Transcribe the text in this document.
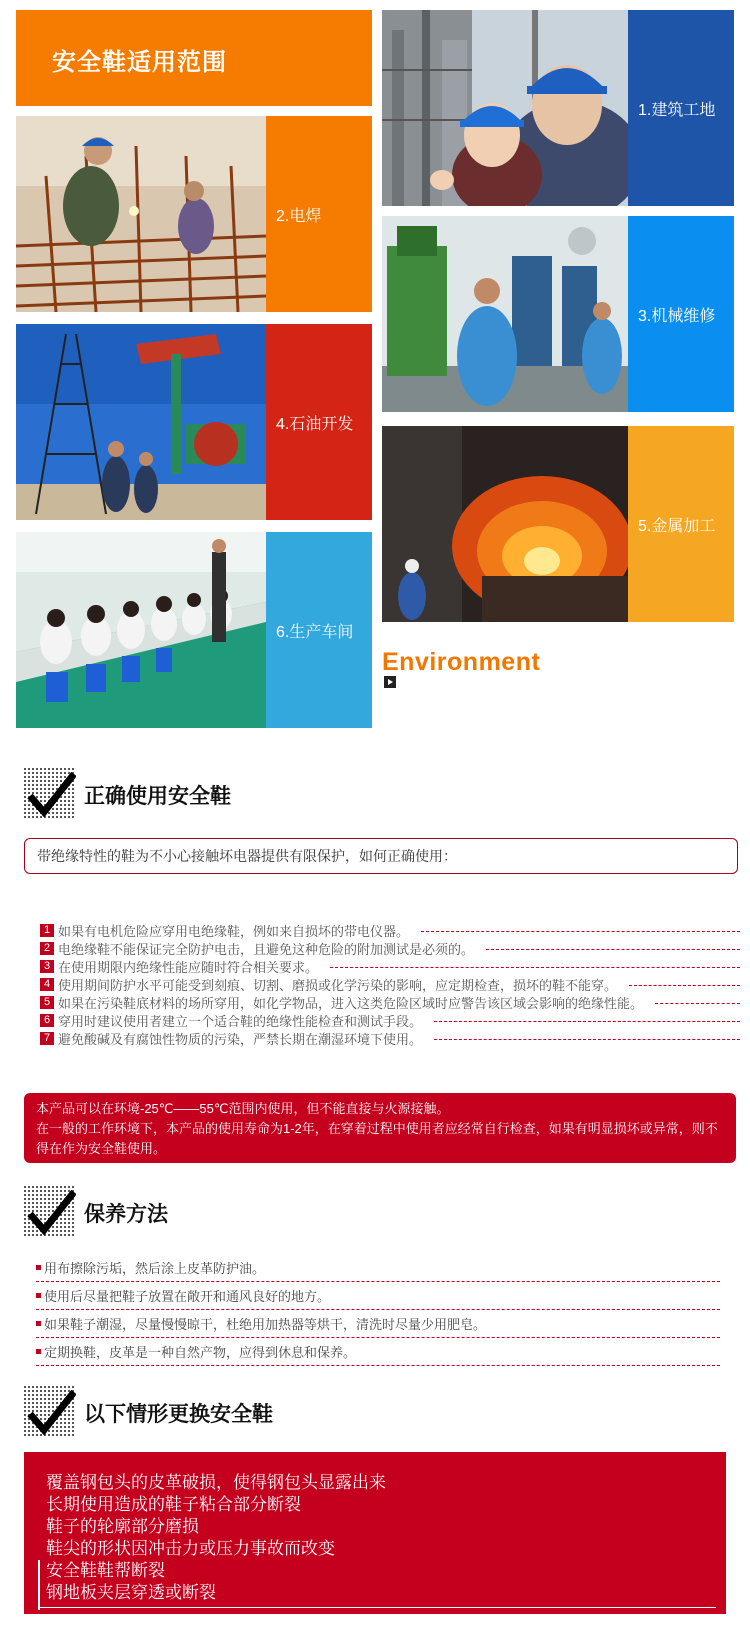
安全鞋适用范围
1.建筑工地
2.电焊
3.机械维修
4.石油开发
5.金属加工
6.生产车间
Environment
正确使用安全鞋
带绝缘特性的鞋为不小心接触坏电器提供有限保护，如何正确使用：
1 如果有电机危险应穿用电绝缘鞋，例如来自损坏的带电仪器。
2 电绝缘鞋不能保证完全防护电击，且避免这种危险的附加测试是必须的。
3 在使用期限内绝缘性能应随时符合相关要求。
4 使用期间防护水平可能受到刻痕、切割、磨损或化学污染的影响，应定期检查，损坏的鞋不能穿。
5 如果在污染鞋底材料的场所穿用，如化学物品，进入这类危险区域时应警告该区域会影响的绝缘性能。
6 穿用时建议使用者建立一个适合鞋的绝缘性能检查和测试手段。
7 避免酸碱及有腐蚀性物质的污染，严禁长期在潮湿环境下使用。
本产品可以在环境-25℃——55℃范围内使用，但不能直接与火源接触。
在一般的工作环境下，本产品的使用寿命为1-2年，在穿着过程中使用者应经常自行检查，如果有明显损坏或异常，则不得在作为安全鞋使用。
保养方法
用布擦除污垢，然后涂上皮革防护油。
使用后尽量把鞋子放置在敞开和通风良好的地方。
如果鞋子潮湿，尽量慢慢晾干，杜绝用加热器等烘干，清洗时尽量少用肥皂。
定期换鞋，皮革是一种自然产物，应得到休息和保养。
以下情形更换安全鞋
覆盖钢包头的皮革破损，使得钢包头显露出来
长期使用造成的鞋子粘合部分断裂
鞋子的轮廓部分磨损
鞋尖的形状因冲击力或压力事故而改变
安全鞋鞋帮断裂
钢地板夹层穿透或断裂
